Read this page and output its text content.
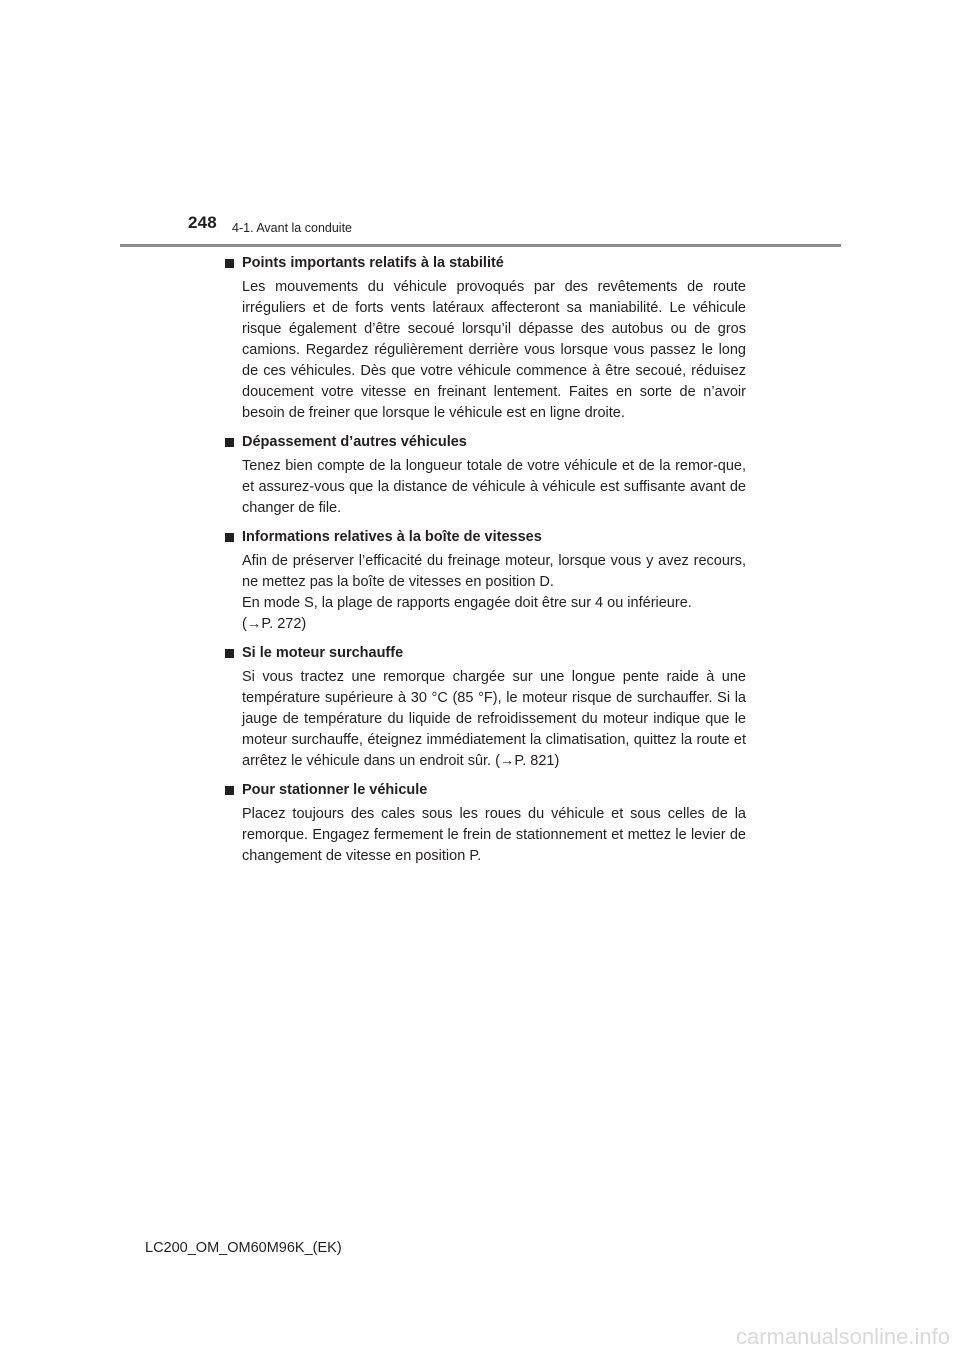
248 4-1. Avant la conduite
Points importants relatifs à la stabilité

Les mouvements du véhicule provoqués par des revêtements de route irréguliers et de forts vents latéraux affecteront sa maniabilité. Le véhicule risque également d’être secoué lorsqu’il dépasse des autobus ou de gros camions. Regardez régulièrement derrière vous lorsque vous passez le long de ces véhicules. Dès que votre véhicule commence à être secoué, réduisez doucement votre vitesse en freinant lentement. Faites en sorte de n’avoir besoin de freiner que lorsque le véhicule est en ligne droite.

Dépassement d’autres véhicules

Tenez bien compte de la longueur totale de votre véhicule et de la remor-que, et assurez-vous que la distance de véhicule à véhicule est suffisante avant de changer de file.

Informations relatives à la boîte de vitesses

Afin de préserver l’efficacité du freinage moteur, lorsque vous y avez recours, ne mettez pas la boîte de vitesses en position D.

En mode S, la plage de rapports engagée doit être sur 4 ou inférieure.

(→P. 272)

Si le moteur surchauffe

Si vous tractez une remorque chargée sur une longue pente raide à une température supérieure à 30 °C (85 °F), le moteur risque de surchauffer. Si la jauge de température du liquide de refroidissement du moteur indique que le moteur surchauffe, éteignez immédiatement la climatisation, quittez la route et arrêtez le véhicule dans un endroit sûr. (→P. 821)

Pour stationner le véhicule

Placez toujours des cales sous les roues du véhicule et sous celles de la remorque. Engagez fermement le frein de stationnement et mettez le levier de changement de vitesse en position P.

LC200_OM_OM60M96K_(EK)
carmanualsonline.info
